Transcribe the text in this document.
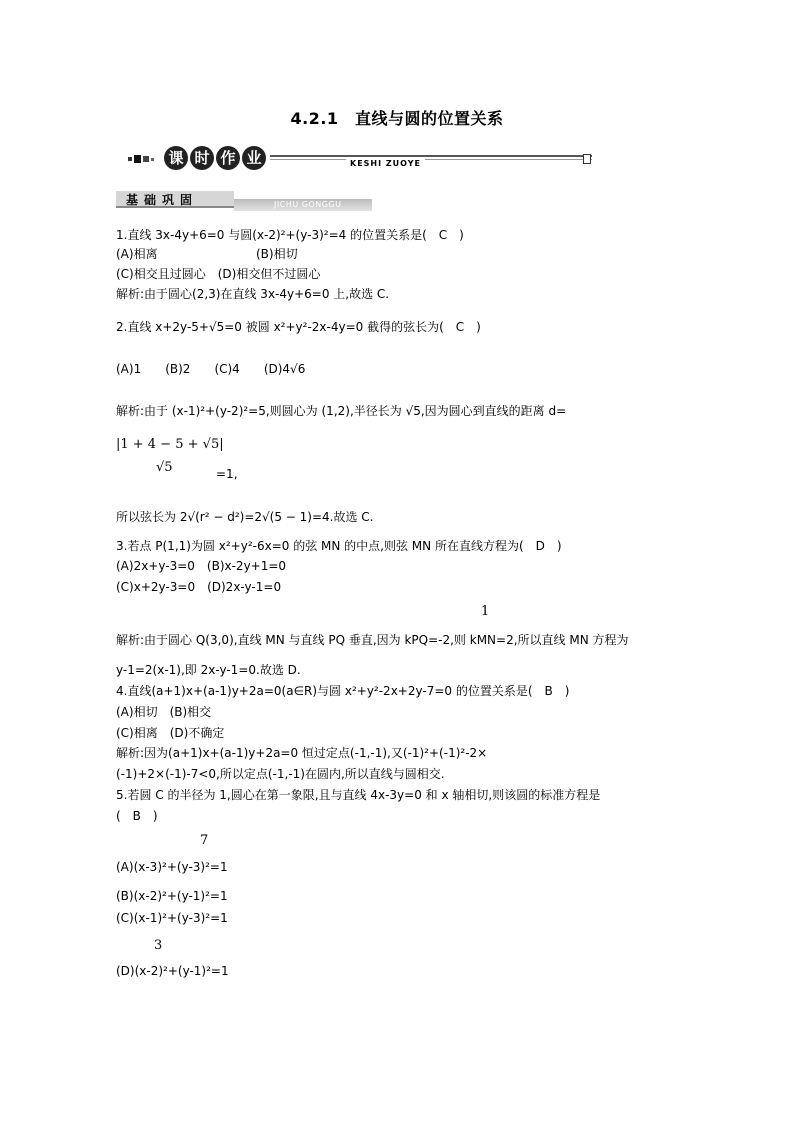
4.2.1　直线与圆的位置关系
课 时 作 业	KESHI ZUOYE
基础巩固	JICHU GONGGU
1.直线 3x-4y+6=0 与圆(x-2)²+(y-3)²=4 的位置关系是(　C　)
(A)相离	(B)相切
(C)相交且过圆心　(D)相交但不过圆心
解析:由于圆心(2,3)在直线 3x-4y+6=0 上,故选 C.
2.直线 x+2y-5+√5=0 被圆 x²+y²-2x-4y=0 截得的弦长为(　C　)
(A)1　　(B)2　　(C)4　　(D)4√6
解析:由于 (x-1)²+(y-2)²=5,则圆心为 (1,2),半径长为 √5,因为圆心到直线的距离 d=
|1 + 4 − 5 + √5|
√5	=1,
所以弦长为 2√(r² − d²)=2√(5 − 1)=4.故选 C.
3.若点 P(1,1)为圆 x²+y²-6x=0 的弦 MN 的中点,则弦 MN 所在直线方程为(　D　)
(A)2x+y-3=0　(B)x-2y+1=0
(C)x+2y-3=0　(D)2x-y-1=0
1
解析:由于圆心 Q(3,0),直线 MN 与直线 PQ 垂直,因为 kPQ=-2,则 kMN=2,所以直线 MN 方程为
y-1=2(x-1),即 2x-y-1=0.故选 D.
4.直线(a+1)x+(a-1)y+2a=0(a∈R)与圆 x²+y²-2x+2y-7=0 的位置关系是(　B　)
(A)相切　(B)相交
(C)相离　(D)不确定
解析:因为(a+1)x+(a-1)y+2a=0 恒过定点(-1,-1),又(-1)²+(-1)²-2×
(-1)+2×(-1)-7<0,所以定点(-1,-1)在圆内,所以直线与圆相交.
5.若圆 C 的半径为 1,圆心在第一象限,且与直线 4x-3y=0 和 x 轴相切,则该圆的标准方程是
(　B　)
7
(A)(x-3)²+(y-3)²=1
(B)(x-2)²+(y-1)²=1
(C)(x-1)²+(y-3)²=1
3
(D)(x-2)²+(y-1)²=1
